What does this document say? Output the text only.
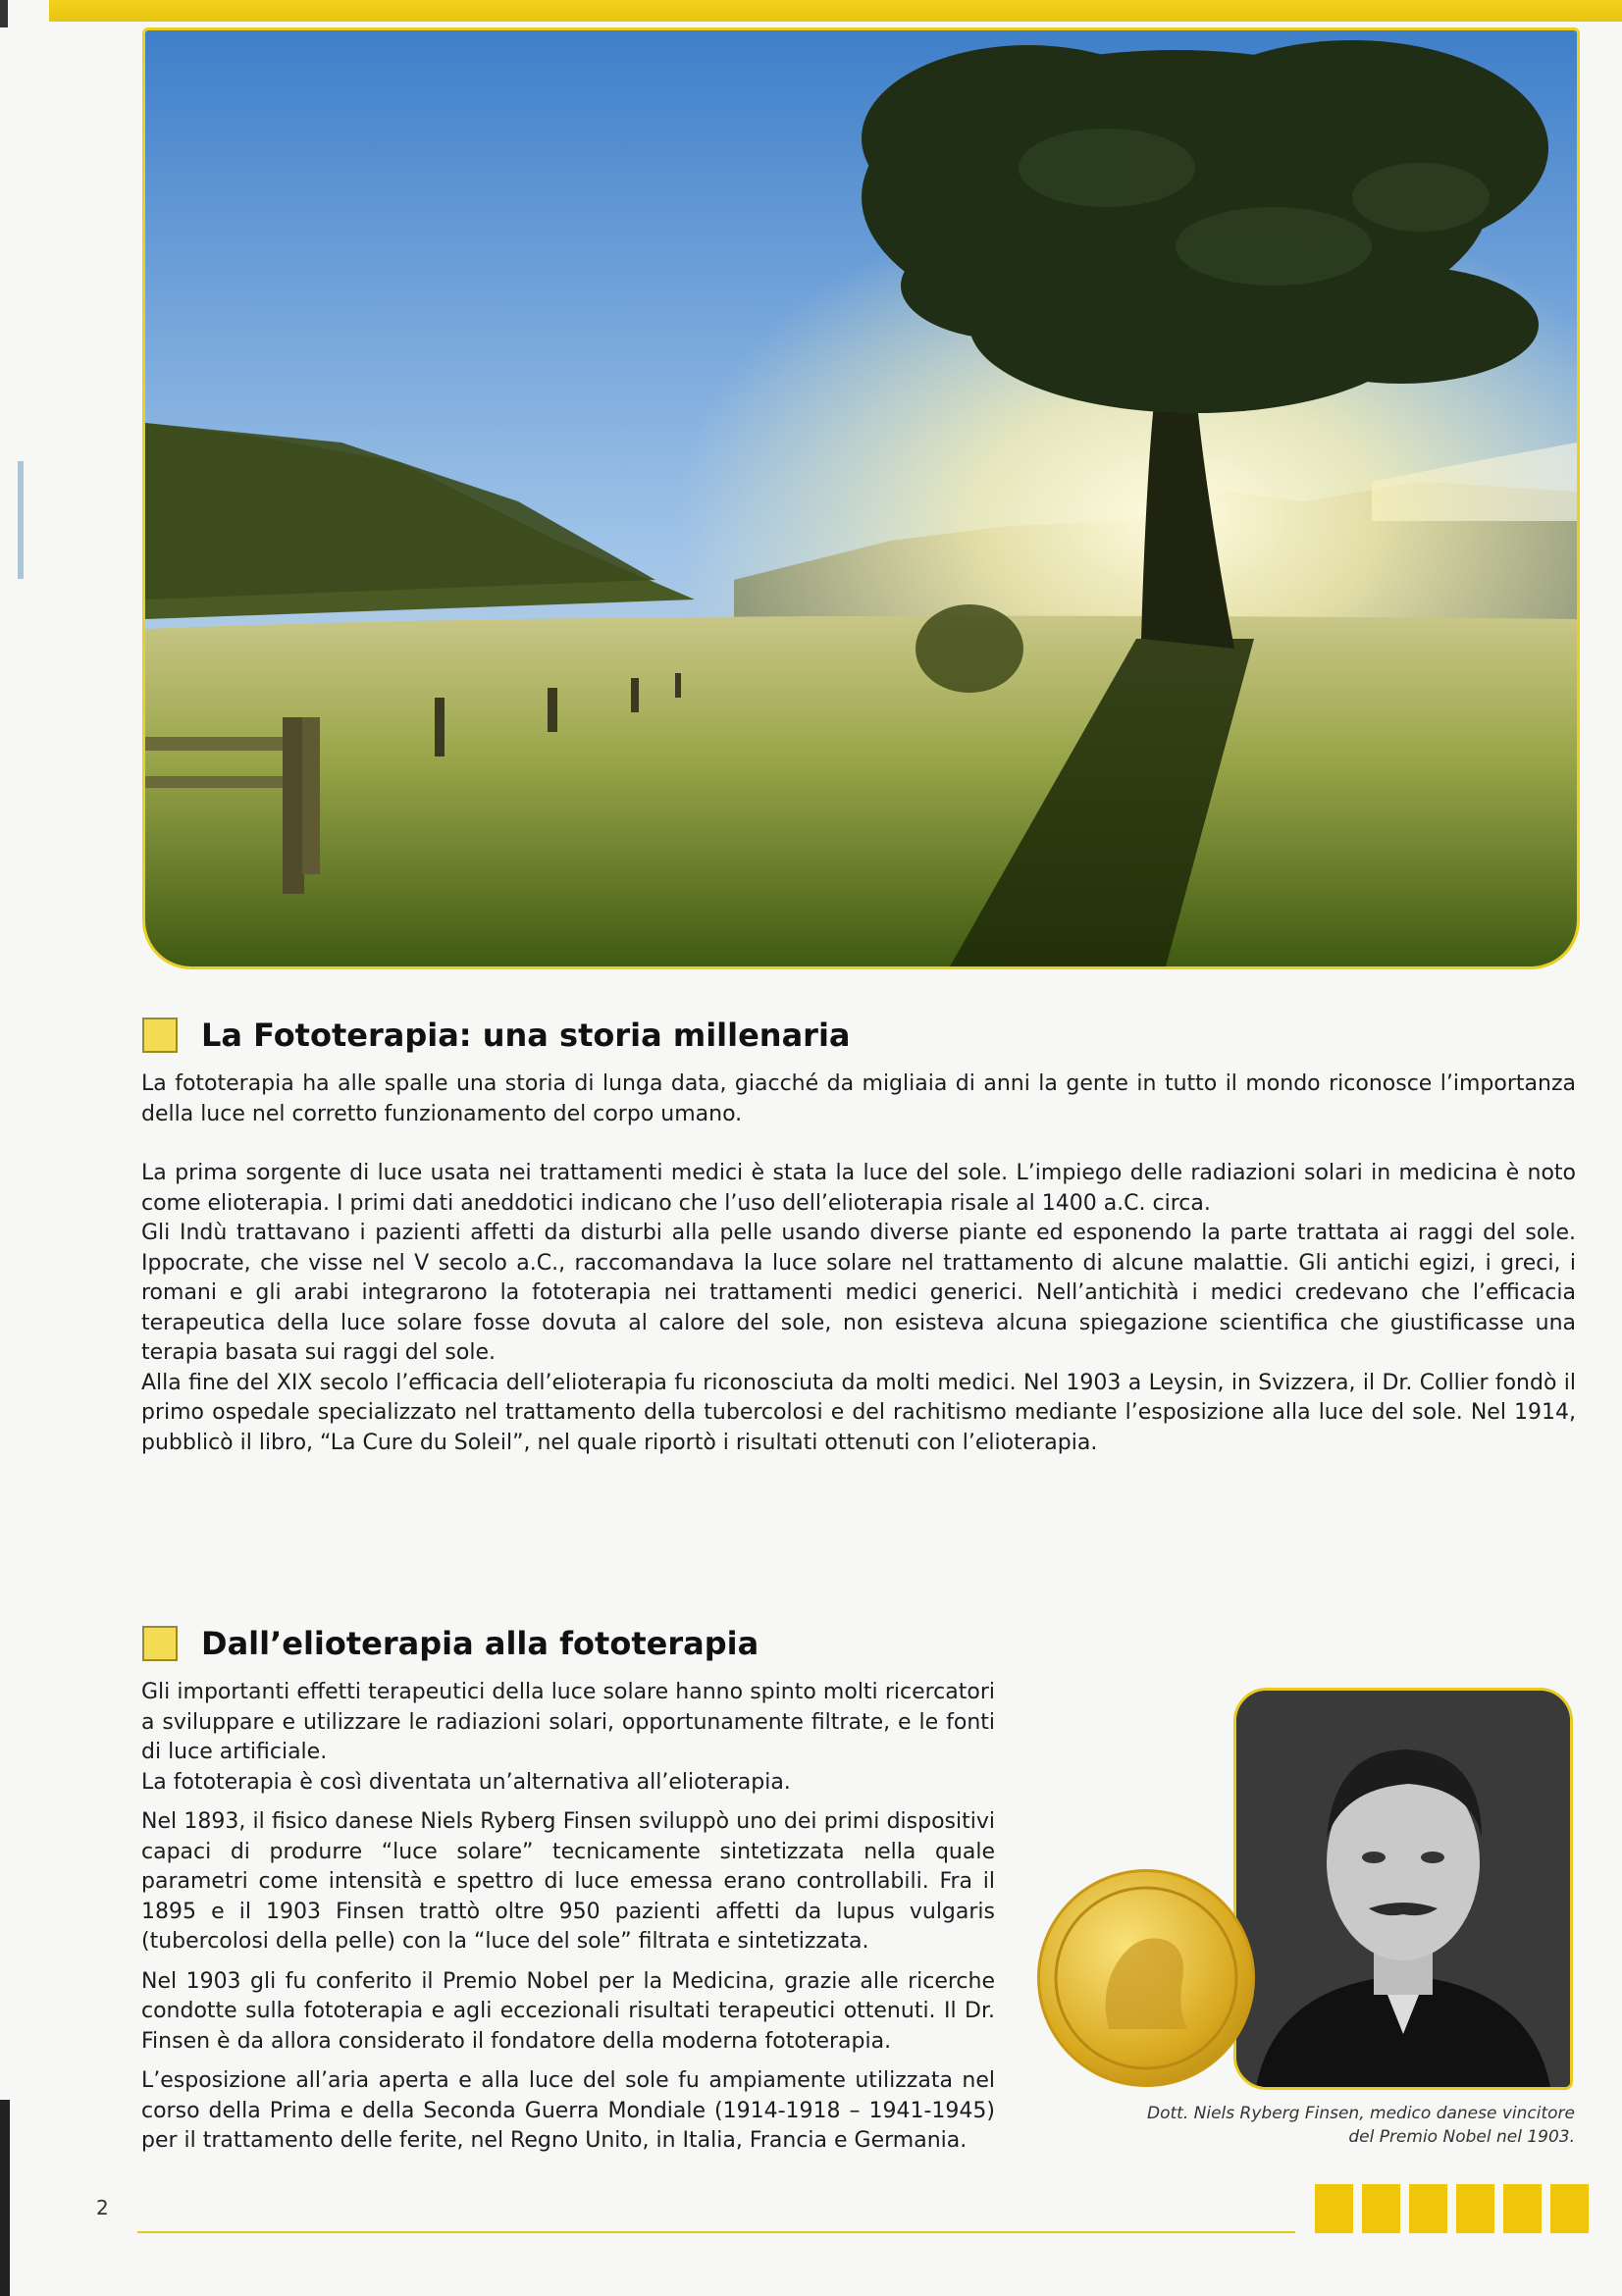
La Fototerapia: una storia millenaria

La fototerapia ha alle spalle una storia di lunga data, giacché da migliaia di anni la gente in tutto il mondo riconosce l’importanza della luce nel corretto funzionamento del corpo umano.

La prima sorgente di luce usata nei trattamenti medici è stata la luce del sole. L’impiego delle radiazioni solari in medicina è noto come elioterapia. I primi dati aneddotici indicano che l’uso dell’elioterapia risale al 1400 a.C. circa.

Gli Indù trattavano i pazienti affetti da disturbi alla pelle usando diverse piante ed esponendo la parte trattata ai raggi del sole. Ippocrate, che visse nel V secolo a.C., raccomandava la luce solare nel trattamento di alcune malattie. Gli antichi egizi, i greci, i romani e gli arabi integrarono la fototerapia nei trattamenti medici generici. Nell’antichità i medici credevano che l’efficacia terapeutica della luce solare fosse dovuta al calore del sole, non esisteva alcuna spiegazione scientifica che giustificasse una terapia basata sui raggi del sole.

Alla fine del XIX secolo l’efficacia dell’elioterapia fu riconosciuta da molti medici. Nel 1903 a Leysin, in Svizzera, il Dr. Collier fondò il primo ospedale specializzato nel trattamento della tubercolosi e del rachitismo mediante l’esposizione alla luce del sole. Nel 1914, pubblicò il libro, “La Cure du Soleil”, nel quale riportò i risultati ottenuti con l’elioterapia.

Dall’elioterapia alla fototerapia

Gli importanti effetti terapeutici della luce solare hanno spinto molti ricercatori a sviluppare e utilizzare le radiazioni solari, opportunamente filtrate, e le fonti di luce artificiale.

La fototerapia è così diventata un’alternativa all’elioterapia.

Nel 1893, il fisico danese Niels Ryberg Finsen sviluppò uno dei primi dispositivi capaci di produrre “luce solare” tecnicamente sintetizzata nella quale parametri come intensità e spettro di luce emessa erano controllabili. Fra il 1895 e il 1903 Finsen trattò oltre 950 pazienti affetti da lupus vulgaris (tubercolosi della pelle) con la “luce del sole” filtrata e sintetizzata.

Nel 1903 gli fu conferito il Premio Nobel per la Medicina, grazie alle ricerche condotte sulla fototerapia e agli eccezionali risultati terapeutici ottenuti. Il Dr. Finsen è da allora considerato il fondatore della moderna fototerapia.

L’esposizione all’aria aperta e alla luce del sole fu ampiamente utilizzata nel corso della Prima e della Seconda Guerra Mondiale (1914-1918 – 1941-1945) per il trattamento delle ferite, nel Regno Unito, in Italia, Francia e Germania.

Dott. Niels Ryberg Finsen, medico danese vincitore
del Premio Nobel nel 1903.
2
